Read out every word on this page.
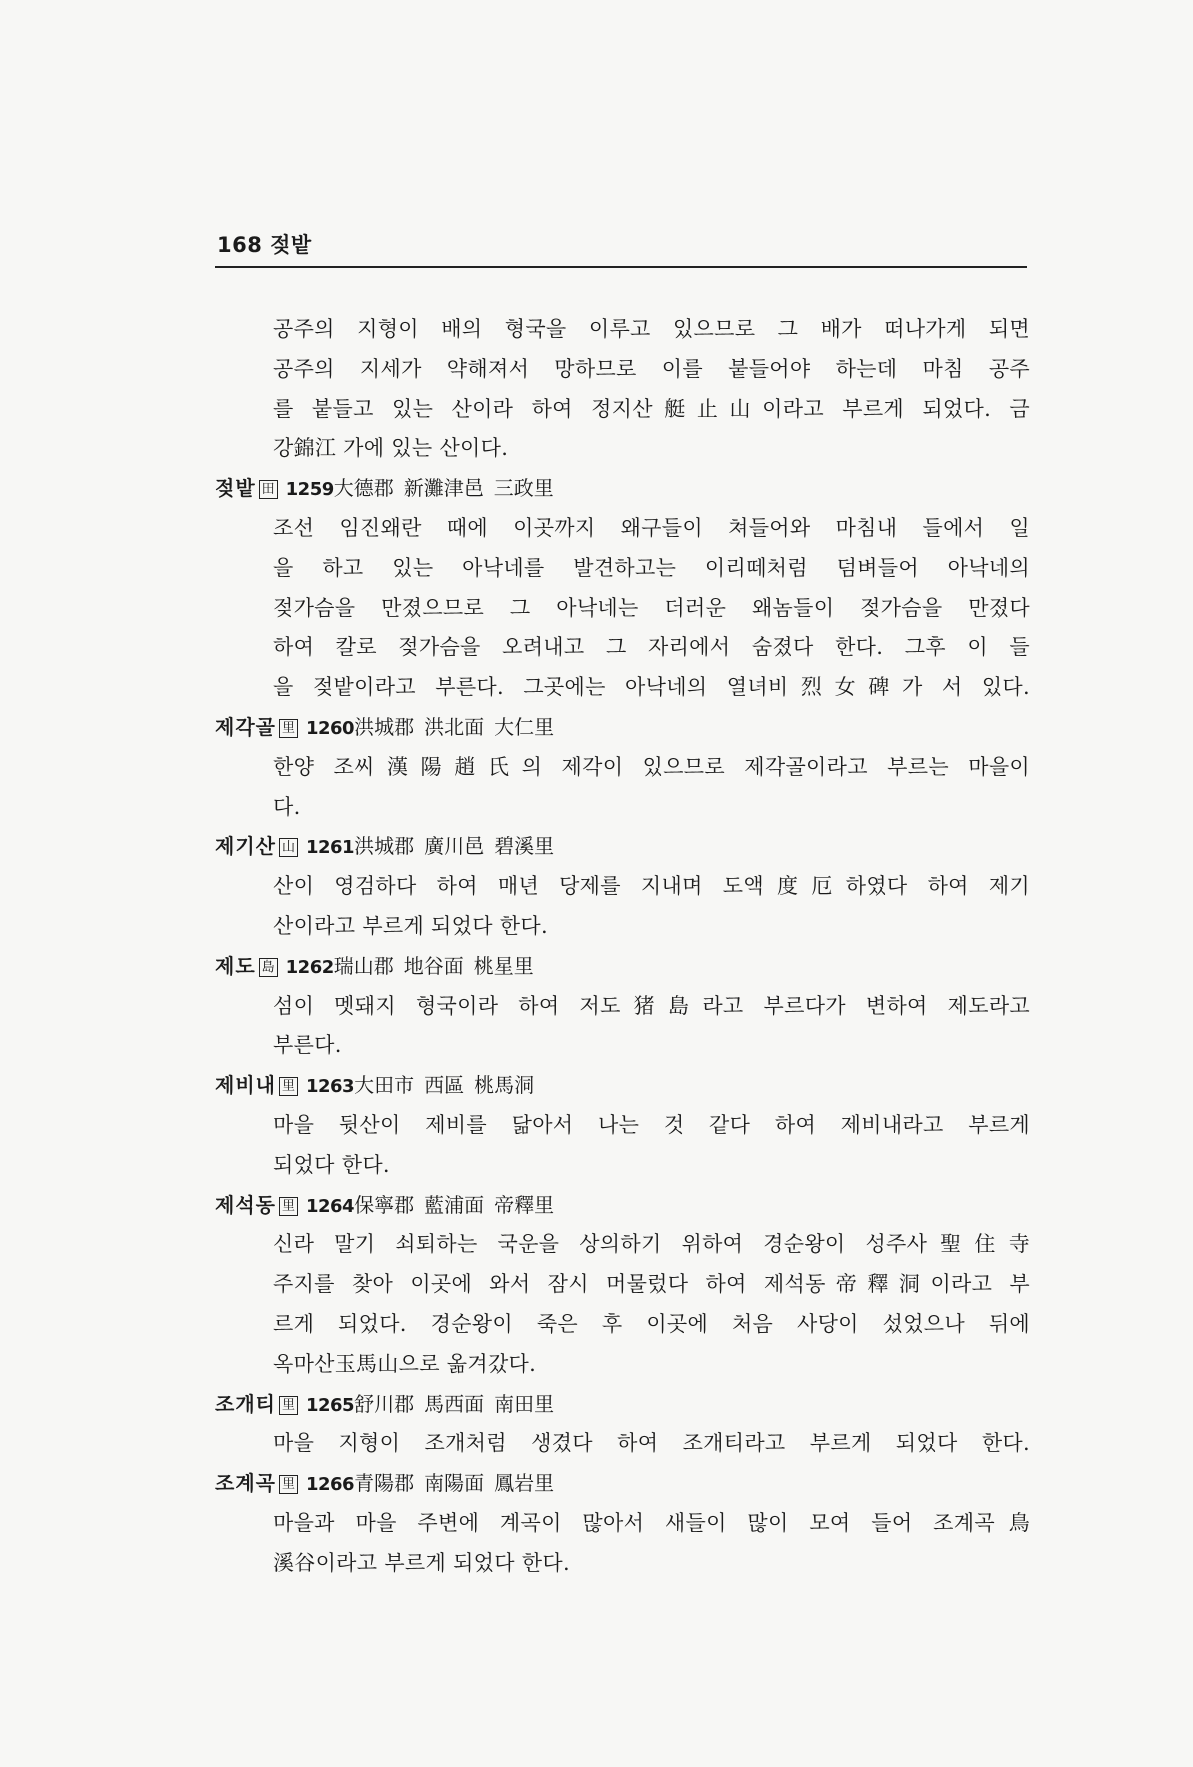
168 젖밭
공주의 지형이 배의 형국을 이루고 있으므로 그 배가 떠나가게 되면
공주의 지세가 약해져서 망하므로 이를 붙들어야 하는데 마침 공주
를 붙들고 있는 산이라 하여 정지산艇止山이라고 부르게 되었다. 금
강錦江 가에 있는 산이다.
젖밭 田 1259大德郡 新灘津邑 三政里
조선 임진왜란 때에 이곳까지 왜구들이 쳐들어와 마침내 들에서 일
을 하고 있는 아낙네를 발견하고는 이리떼처럼 덤벼들어 아낙네의
젖가슴을 만졌으므로 그 아낙네는 더러운 왜놈들이 젖가슴을 만졌다
하여 칼로 젖가슴을 오려내고 그 자리에서 숨졌다 한다. 그후 이 들
을 젖밭이라고 부른다. 그곳에는 아낙네의 열녀비烈女碑가 서 있다.
제각골 里 1260洪城郡 洪北面 大仁里
한양 조씨漢陽趙氏의 제각이 있으므로 제각골이라고 부르는 마을이
다.
제기산 山 1261洪城郡 廣川邑 碧溪里
산이 영검하다 하여 매년 당제를 지내며 도액度厄하였다 하여 제기
산이라고 부르게 되었다 한다.
제도 島 1262瑞山郡 地谷面 桃星里
섬이 멧돼지 형국이라 하여 저도猪島라고 부르다가 변하여 제도라고
부른다.
제비내 里 1263大田市 西區 桃馬洞
마을 뒷산이 제비를 닮아서 나는 것 같다 하여 제비내라고 부르게
되었다 한다.
제석동 里 1264保寧郡 藍浦面 帝釋里
신라 말기 쇠퇴하는 국운을 상의하기 위하여 경순왕이 성주사聖住寺
주지를 찾아 이곳에 와서 잠시 머물렀다 하여 제석동帝釋洞이라고 부
르게 되었다. 경순왕이 죽은 후 이곳에 처음 사당이 섰었으나 뒤에
옥마산玉馬山으로 옮겨갔다.
조개티 里 1265舒川郡 馬西面 南田里
마을 지형이 조개처럼 생겼다 하여 조개티라고 부르게 되었다 한다.
조계곡 里 1266青陽郡 南陽面 鳳岩里
마을과 마을 주변에 계곡이 많아서 새들이 많이 모여 들어 조계곡鳥
溪谷이라고 부르게 되었다 한다.
